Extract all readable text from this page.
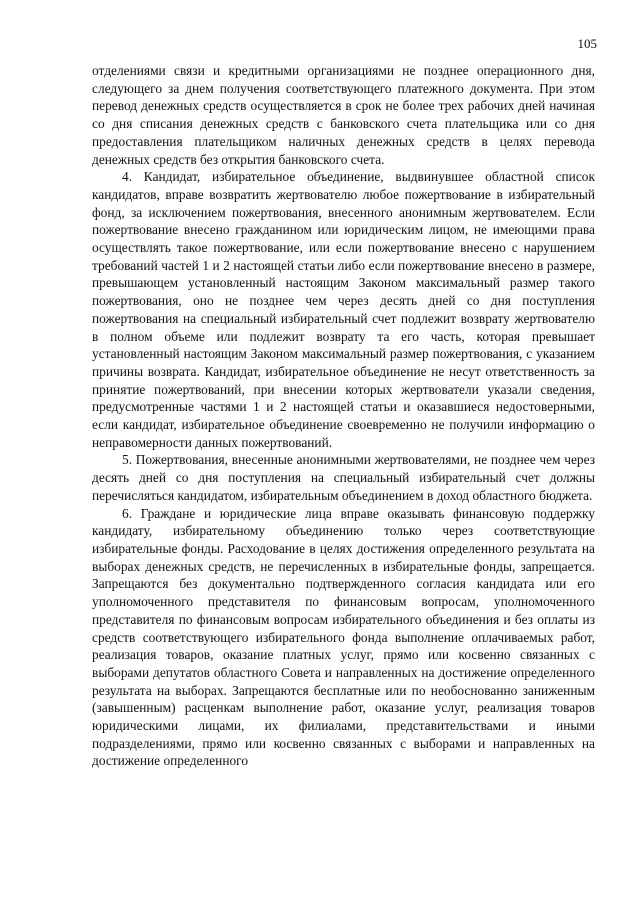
105

отделениями связи и кредитными организациями не позднее операционного дня, следующего за днем получения соответствующего платежного документа. При этом перевод денежных средств осуществляется в срок не более трех рабочих дней начиная со дня списания денежных средств с банковского счета плательщика или со дня предоставления плательщиком наличных денежных средств в целях перевода денежных средств без открытия банковского счета.

4. Кандидат, избирательное объединение, выдвинувшее областной список кандидатов, вправе возвратить жертвователю любое пожертвование в избирательный фонд, за исключением пожертвования, внесенного анонимным жертвователем. Если пожертвование внесено гражданином или юридическим лицом, не имеющими права осуществлять такое пожертвование, или если пожертвование внесено с нарушением требований частей 1 и 2 настоящей статьи либо если пожертвование внесено в размере, превышающем установленный настоящим Законом максимальный размер такого пожертвования, оно не позднее чем через десять дней со дня поступления пожертвования на специальный избирательный счет подлежит возврату жертвователю в полном объеме или подлежит возврату та его часть, которая превышает установленный настоящим Законом максимальный размер пожертвования, с указанием причины возврата. Кандидат, избирательное объединение не несут ответственность за принятие пожертвований, при внесении которых жертвователи указали сведения, предусмотренные частями 1 и 2 настоящей статьи и оказавшиеся недостоверными, если кандидат, избирательное объединение своевременно не получили информацию о неправомерности данных пожертвований.

5. Пожертвования, внесенные анонимными жертвователями, не позднее чем через десять дней со дня поступления на специальный избирательный счет должны перечисляться кандидатом, избирательным объединением в доход областного бюджета.

6. Граждане и юридические лица вправе оказывать финансовую поддержку кандидату, избирательному объединению только через соответствующие избирательные фонды. Расходование в целях достижения определенного результата на выборах денежных средств, не перечисленных в избирательные фонды, запрещается. Запрещаются без документально подтвержденного согласия кандидата или его уполномоченного представителя по финансовым вопросам, уполномоченного представителя по финансовым вопросам избирательного объединения и без оплаты из средств соответствующего избирательного фонда выполнение оплачиваемых работ, реализация товаров, оказание платных услуг, прямо или косвенно связанных с выборами депутатов областного Совета и направленных на достижение определенного результата на выборах. Запрещаются бесплатные или по необоснованно заниженным (завышенным) расценкам выполнение работ, оказание услуг, реализация товаров юридическими лицами, их филиалами, представительствами и иными подразделениями, прямо или косвенно связанных с выборами и направленных на достижение определенного
